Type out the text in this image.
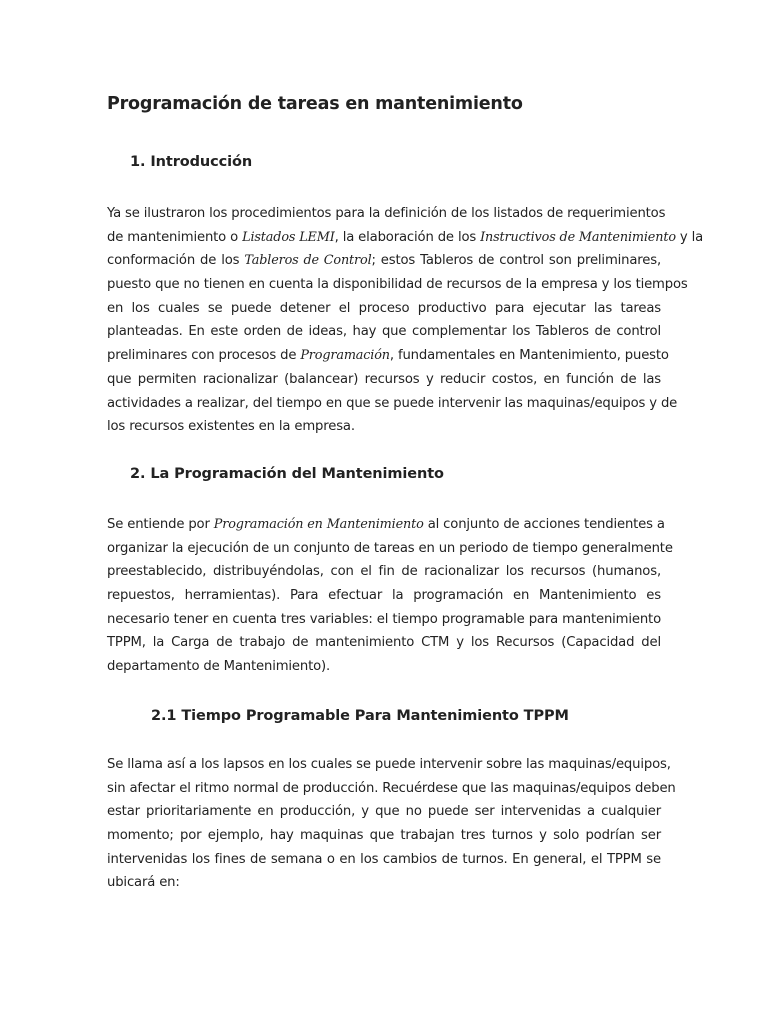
Programación de tareas en mantenimiento
1. Introducción
Ya se ilustraron los procedimientos para la definición de los listados de requerimientos
de mantenimiento o Listados LEMI, la elaboración de los Instructivos de Mantenimiento y la
conformación de los Tableros de Control; estos Tableros de control son preliminares,
puesto que no tienen en cuenta la disponibilidad de recursos de la empresa y los tiempos
en los cuales se puede detener el proceso productivo para ejecutar las tareas
planteadas. En este orden de ideas, hay que complementar los Tableros de control
preliminares con procesos de Programación, fundamentales en Mantenimiento, puesto
que permiten racionalizar (balancear) recursos y reducir costos, en función de las
actividades a realizar, del tiempo en que se puede intervenir las maquinas/equipos y de
los recursos existentes en la empresa.
2. La Programación del Mantenimiento
Se entiende por Programación en Mantenimiento al conjunto de acciones tendientes a
organizar la ejecución de un conjunto de tareas en un periodo de tiempo generalmente
preestablecido, distribuyéndolas, con el fin de racionalizar los recursos (humanos,
repuestos, herramientas). Para efectuar la programación en Mantenimiento es
necesario tener en cuenta tres variables: el tiempo programable para mantenimiento
TPPM, la Carga de trabajo de mantenimiento CTM y los Recursos (Capacidad del
departamento de Mantenimiento).
2.1 Tiempo Programable Para Mantenimiento TPPM
Se llama así a los lapsos en los cuales se puede intervenir sobre las maquinas/equipos,
sin afectar el ritmo normal de producción. Recuérdese que las maquinas/equipos deben
estar prioritariamente en producción, y que no puede ser intervenidas a cualquier
momento; por ejemplo, hay maquinas que trabajan tres turnos y solo podrían ser
intervenidas los fines de semana o en los cambios de turnos. En general, el TPPM se
ubicará en:
